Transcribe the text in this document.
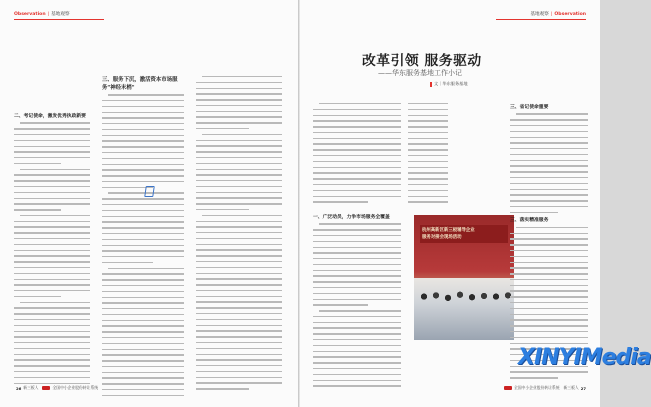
Observation | 基地观察
二、考记使命，激发优秀执政新要
三、服务下沉，激活资本市场服务"神经末梢"
26 新三板人	全国中小企业股份转让系统
基地观察 | Observation
改革引领 服务驱动
——华东服务基地工作小记
文｜华东服务基地
一、广泛动员，力争市场服务全覆盖
杭州高新区新三板辅导企业
服务对接会现场活动
三、省记使命重要
三、落实精准服务
XINYIMedia
全国中小企业股份转让系统 新三板人 27
